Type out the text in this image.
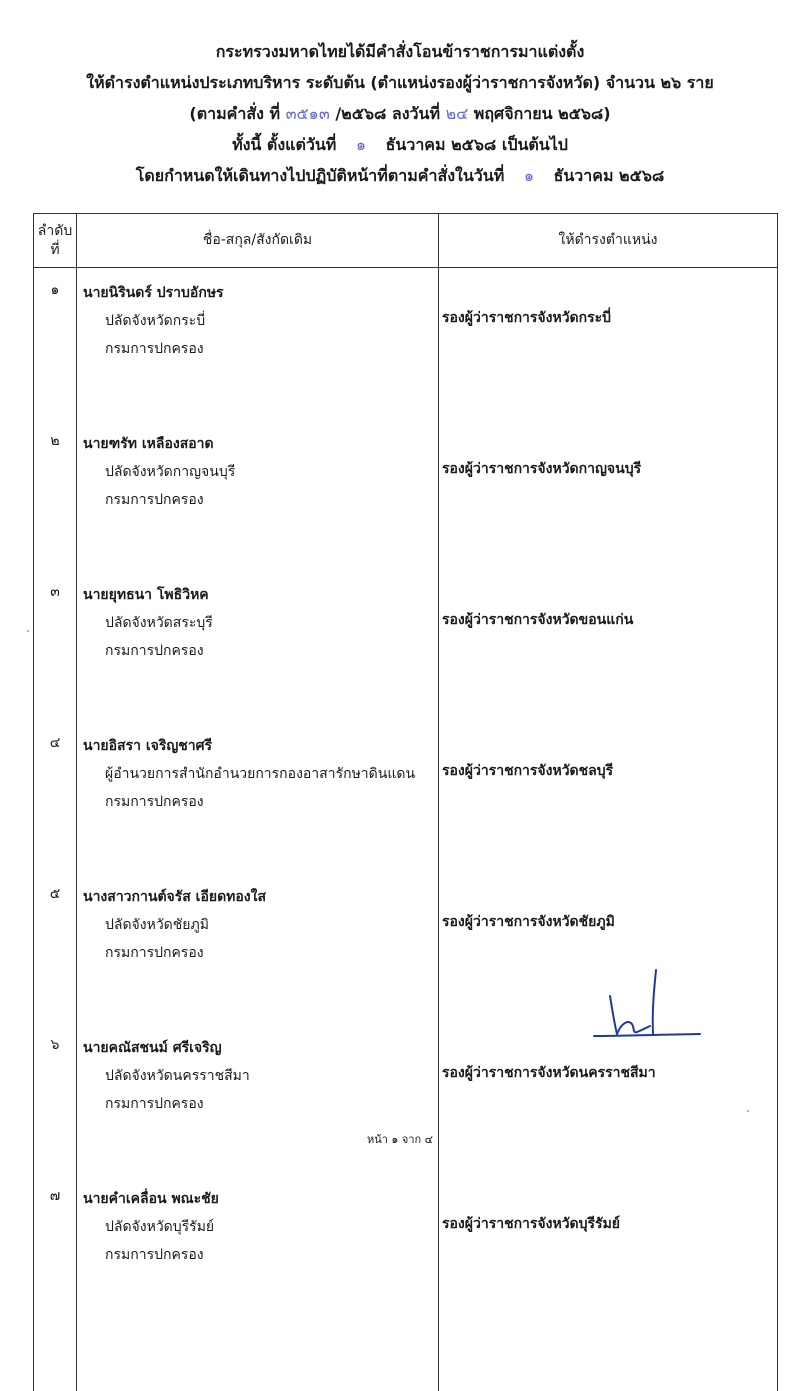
กระทรวงมหาดไทยได้มีคำสั่งโอนข้าราชการมาแต่งตั้ง
ให้ดำรงตำแหน่งประเภทบริหาร ระดับต้น (ตำแหน่งรองผู้ว่าราชการจังหวัด) จำนวน ๒๖ ราย
(ตามคำสั่ง ที่ ๓๕๑๓ /๒๕๖๘ ลงวันที่ ๒๔ พฤศจิกายน ๒๕๖๘)
ทั้งนี้ ตั้งแต่วันที่ ๑ ธันวาคม ๒๕๖๘ เป็นต้นไป
โดยกำหนดให้เดินทางไปปฏิบัติหน้าที่ตามคำสั่งในวันที่ ๑ ธันวาคม ๒๕๖๘
ลำดับ
ที่	ชื่อ-สกุล/สังกัดเดิม	ให้ดำรงตำแหน่ง
๑	นายนิรินดร์ ปราบอักษร
ปลัดจังหวัดกระบี่
กรมการปกครอง	รองผู้ว่าราชการจังหวัดกระบี่
๒	นายฑรัท เหลืองสอาด
ปลัดจังหวัดกาญจนบุรี
กรมการปกครอง	รองผู้ว่าราชการจังหวัดกาญจนบุรี
๓	นายยุทธนา โพธิวิหค
ปลัดจังหวัดสระบุรี
กรมการปกครอง	รองผู้ว่าราชการจังหวัดขอนแก่น
๔	นายอิสรา เจริญชาศรี
ผู้อำนวยการสำนักอำนวยการกองอาสารักษาดินแดน
กรมการปกครอง	รองผู้ว่าราชการจังหวัดชลบุรี
๕	นางสาวกานต์จรัส เอียดทองใส
ปลัดจังหวัดชัยภูมิ
กรมการปกครอง	รองผู้ว่าราชการจังหวัดชัยภูมิ
๖	นายคณัสชนม์ ศรีเจริญ
ปลัดจังหวัดนครราชสีมา
กรมการปกครอง	รองผู้ว่าราชการจังหวัดนครราชสีมา
๗	นายคำเคลื่อน พณะชัย
ปลัดจังหวัดบุรีรัมย์
กรมการปกครอง	รองผู้ว่าราชการจังหวัดบุรีรัมย์

หน้า ๑ จาก ๔
